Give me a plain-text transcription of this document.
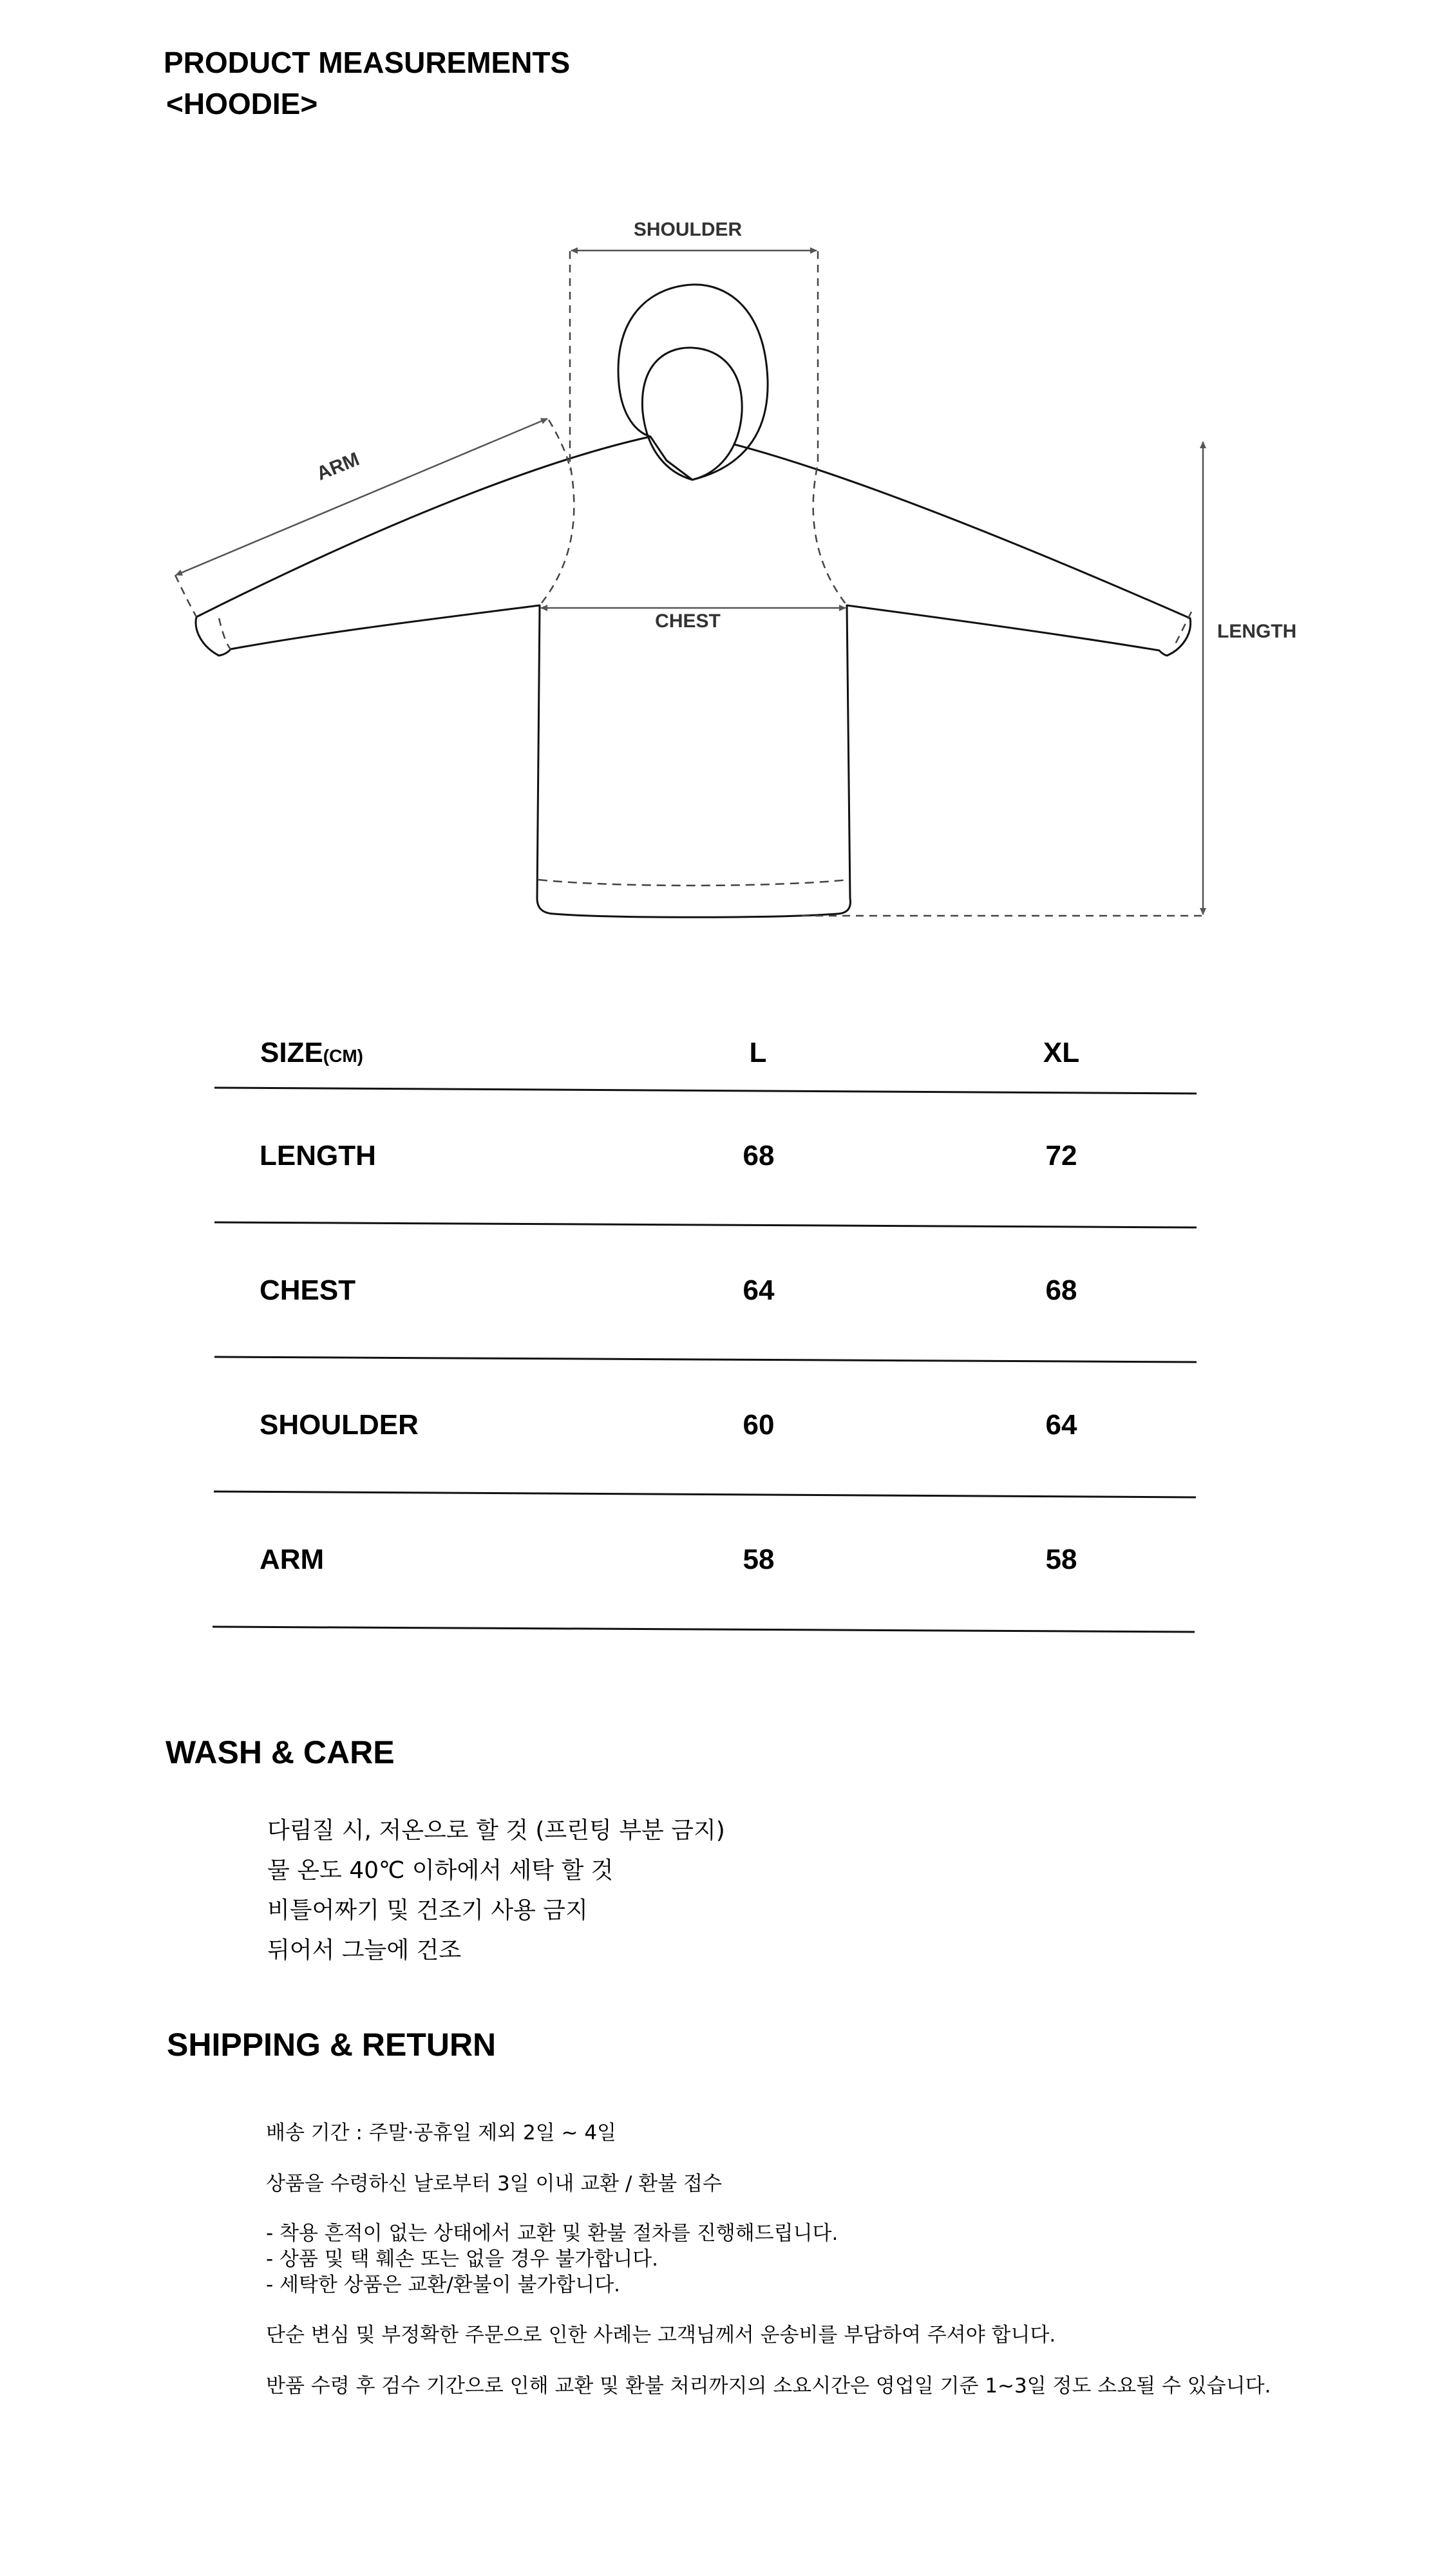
PRODUCT MEASUREMENTS
<HOODIE>
SHOULDER
ARM
CHEST	LENGTH
SIZE(CM)	L	XL
LENGTH	68	72
CHEST	64	68
SHOULDER	60	64
ARM	58	58
WASH & CARE
다림질 시, 저온으로 할 것 (프린팅 부분 금지)
물 온도 40℃ 이하에서 세탁 할 것
비틀어짜기 및 건조기 사용 금지
뒤어서 그늘에 건조
SHIPPING & RETURN
배송 기간 : 주말·공휴일 제외 2일 ~ 4일
상품을 수령하신 날로부터 3일 이내 교환 / 환불 접수
- 착용 흔적이 없는 상태에서 교환 및 환불 절차를 진행해드립니다.
- 상품 및 택 훼손 또는 없을 경우 불가합니다.
- 세탁한 상품은 교환/환불이 불가합니다.
단순 변심 및 부정확한 주문으로 인한 사례는 고객님께서 운송비를 부담하여 주셔야 합니다.
반품 수령 후 검수 기간으로 인해 교환 및 환불 처리까지의 소요시간은 영업일 기준 1~3일 정도 소요될 수 있습니다.
